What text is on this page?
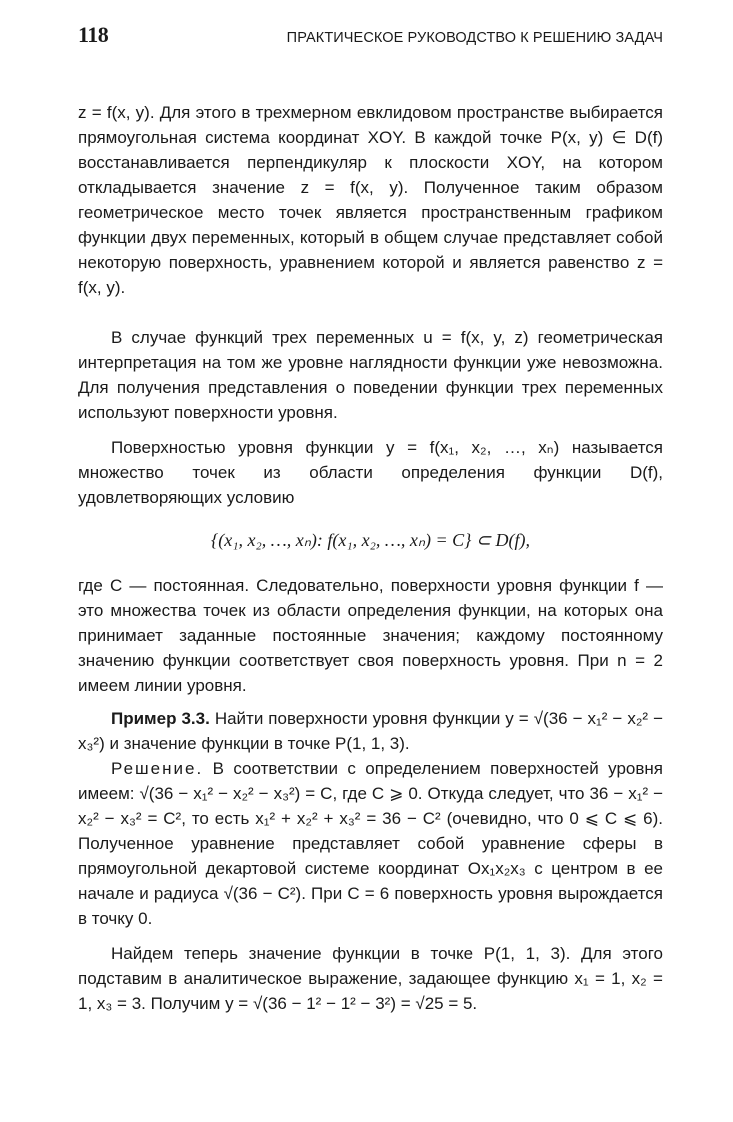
118	ПРАКТИЧЕСКОЕ РУКОВОДСТВО К РЕШЕНИЮ ЗАДАЧ

z = f(x, y). Для этого в трехмерном евклидовом пространстве выбирается прямоугольная система координат XOY. В каждой точке P(x, y) ∈ D(f) восстанавливается перпендикуляр к плоскости XOY, на котором откладывается значение z = f(x, y). Полученное таким образом геометрическое место точек является пространственным графиком функции двух переменных, который в общем случае представляет собой некоторую поверхность, уравнением которой и является равенство z = f(x, y).

В случае функций трех переменных u = f(x, y, z) геометрическая интерпретация на том же уровне наглядности функции уже невозможна. Для получения представления о поведении функции трех переменных используют поверхности уровня.

Поверхностью уровня функции y = f(x₁, x₂, …, xₙ) называется множество точек из области определения функции D(f), удовлетворяющих условию

{(x₁, x₂, …, xₙ): f(x₁, x₂, …, xₙ) = C} ⊂ D(f),

где C — постоянная. Следовательно, поверхности уровня функции f — это множества точек из области определения функции, на которых она принимает заданные постоянные значения; каждому постоянному значению функции соответствует своя поверхность уровня. При n = 2 имеем линии уровня.

Пример 3.3. Найти поверхности уровня функции y = √(36 − x₁² − x₂² − x₃²) и значение функции в точке P(1, 1, 3).

Решение. В соответствии с определением поверхностей уровня имеем: √(36 − x₁² − x₂² − x₃²) = C, где C ⩾ 0. Откуда следует, что 36 − x₁² − x₂² − x₃² = C², то есть x₁² + x₂² + x₃² = 36 − C² (очевидно, что 0 ⩽ C ⩽ 6). Полученное уравнение представляет собой уравнение сферы в прямоугольной декартовой системе координат Ox₁x₂x₃ с центром в ее начале и радиуса √(36 − C²). При C = 6 поверхность уровня вырождается в точку 0.

Найдем теперь значение функции в точке P(1, 1, 3). Для этого подставим в аналитическое выражение, задающее функцию x₁ = 1, x₂ = 1, x₃ = 3. Получим y = √(36 − 1² − 1² − 3²) = √25 = 5.
